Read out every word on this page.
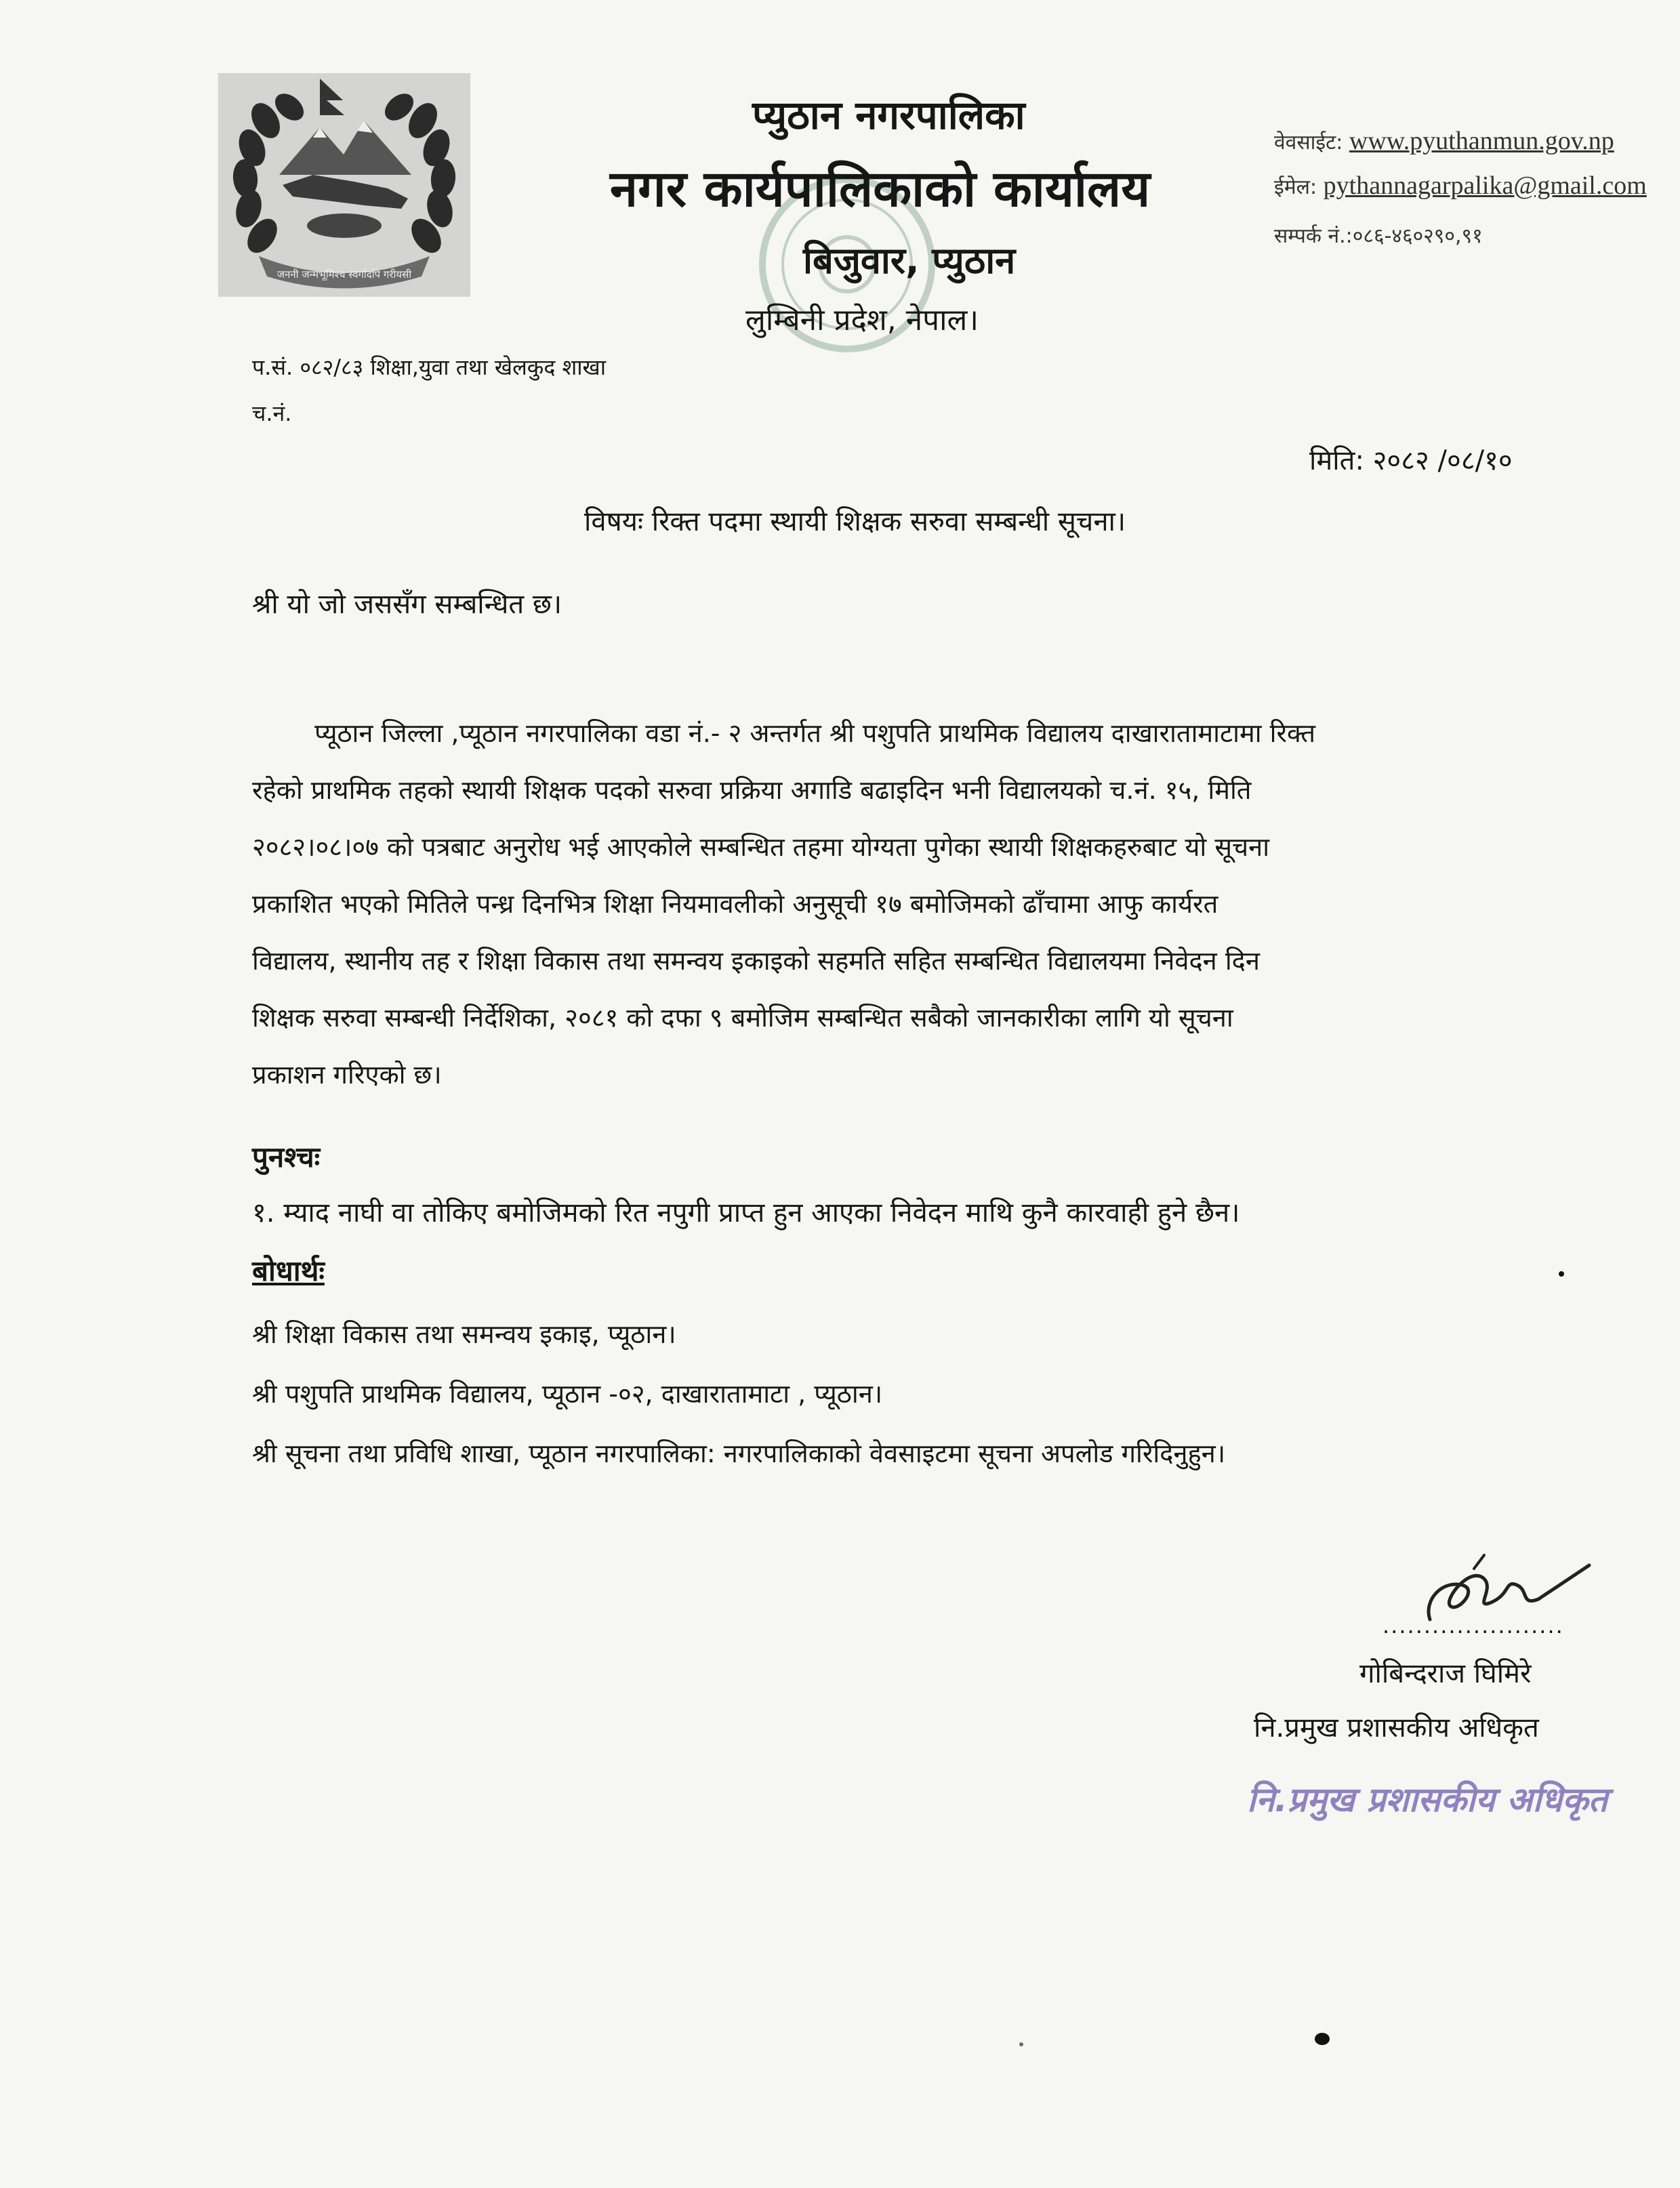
जननी जन्मभूमिश्च स्वर्गादपि गरीयसी
प्युठान नगरपालिका
नगर कार्यपालिकाको कार्यालय
बिजुवार, प्युठान
लुम्बिनी प्रदेश, नेपाल।
वेवसाईट: www.pyuthanmun.gov.np
ईमेल: pythannagarpalika@gmail.com
सम्पर्क नं.:०८६-४६०२९०,९१
प.सं. ०८२/८३ शिक्षा,युवा तथा खेलकुद शाखा
च.नं.
मिति: २०८२ /०८/१०
विषयः रिक्त पदमा स्थायी शिक्षक सरुवा सम्बन्धी सूचना।
श्री यो जो जससँग सम्बन्धित छ।
प्यूठान जिल्ला ,प्यूठान नगरपालिका वडा नं.- २ अन्तर्गत श्री पशुपति प्राथमिक विद्यालय दाखारातामाटामा रिक्त
रहेको प्राथमिक तहको स्थायी शिक्षक पदको सरुवा प्रक्रिया अगाडि बढाइदिन भनी विद्यालयको च.नं. १५, मिति
२०८२।०८।०७ को पत्रबाट अनुरोध भई आएकोले सम्बन्धित तहमा योग्यता पुगेका स्थायी शिक्षकहरुबाट यो सूचना
प्रकाशित भएको मितिले पन्ध्र दिनभित्र शिक्षा नियमावलीको अनुसूची १७ बमोजिमको ढाँचामा आफु कार्यरत
विद्यालय, स्थानीय तह र शिक्षा विकास तथा समन्वय इकाइको सहमति सहित सम्बन्धित विद्यालयमा निवेदन दिन
शिक्षक सरुवा सम्बन्धी निर्देशिका, २०८१ को दफा ९ बमोजिम सम्बन्धित सबैको जानकारीका लागि यो सूचना
प्रकाशन गरिएको छ।
पुनश्चः
१. म्याद नाघी वा तोकिए बमोजिमको रित नपुगी प्राप्त हुन आएका निवेदन माथि कुनै कारवाही हुने छैन।
बोधार्थः
श्री शिक्षा विकास तथा समन्वय इकाइ, प्यूठान।
श्री पशुपति प्राथमिक विद्यालय, प्यूठान -०२, दाखारातामाटा , प्यूठान।
श्री सूचना तथा प्रविधि शाखा, प्यूठान नगरपालिका: नगरपालिकाको वेवसाइटमा सूचना अपलोड गरिदिनुहुन।
......................
गोबिन्दराज घिमिरे
नि.प्रमुख प्रशासकीय अधिकृत
नि.प्रमुख प्रशासकीय अधिकृत
